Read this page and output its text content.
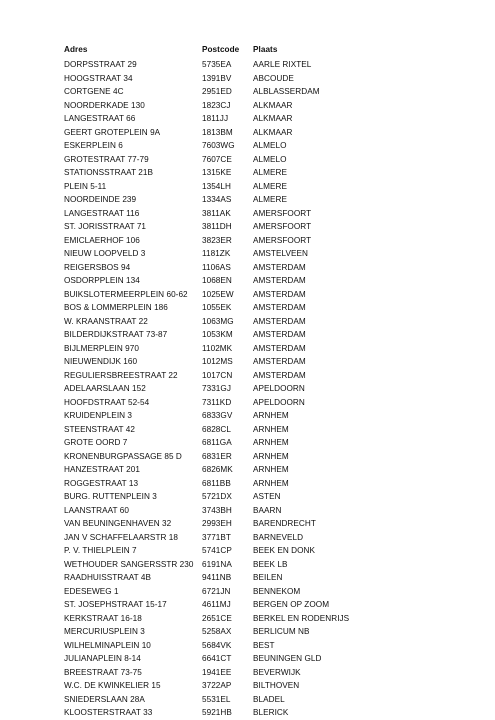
Adres	Postcode	Plaats
DORPSSTRAAT 29	5735EA	AARLE RIXTEL
HOOGSTRAAT 34	1391BV	ABCOUDE
CORTGENE 4C	2951ED	ALBLASSERDAM
NOORDERKADE 130	1823CJ	ALKMAAR
LANGESTRAAT 66	1811JJ	ALKMAAR
GEERT GROTEPLEIN 9A	1813BM	ALKMAAR
ESKERPLEIN 6	7603WG	ALMELO
GROTESTRAAT 77-79	7607CE	ALMELO
STATIONSSTRAAT 21B	1315KE	ALMERE
PLEIN 5-11	1354LH	ALMERE
NOORDEINDE 239	1334AS	ALMERE
LANGESTRAAT 116	3811AK	AMERSFOORT
ST. JORISSTRAAT 71	3811DH	AMERSFOORT
EMICLAERHOF 106	3823ER	AMERSFOORT
NIEUW LOOPVELD 3	1181ZK	AMSTELVEEN
REIGERSBOS 94	1106AS	AMSTERDAM
OSDORPPLEIN 134	1068EN	AMSTERDAM
BUIKSLOTERMEERPLEIN 60-62	1025EW	AMSTERDAM
BOS & LOMMERPLEIN 186	1055EK	AMSTERDAM
W. KRAANSTRAAT 22	1063MG	AMSTERDAM
BILDERDIJKSTRAAT 73-87	1053KM	AMSTERDAM
BIJLMERPLEIN 970	1102MK	AMSTERDAM
NIEUWENDIJK 160	1012MS	AMSTERDAM
REGULIERSBREESTRAAT 22	1017CN	AMSTERDAM
ADELAARSLAAN 152	7331GJ	APELDOORN
HOOFDSTRAAT 52-54	7311KD	APELDOORN
KRUIDENPLEIN 3	6833GV	ARNHEM
STEENSTRAAT 42	6828CL	ARNHEM
GROTE OORD 7	6811GA	ARNHEM
KRONENBURGPASSAGE 85 D	6831ER	ARNHEM
HANZESTRAAT 201	6826MK	ARNHEM
ROGGESTRAAT 13	6811BB	ARNHEM
BURG. RUTTENPLEIN 3	5721DX	ASTEN
LAANSTRAAT 60	3743BH	BAARN
VAN BEUNINGENHAVEN 32	2993EH	BARENDRECHT
JAN V SCHAFFELAARSTR 18	3771BT	BARNEVELD
P. V. THIELPLEIN 7	5741CP	BEEK EN DONK
WETHOUDER SANGERSSTR 230	6191NA	BEEK LB
RAADHUISSTRAAT 4B	9411NB	BEILEN
EDESEWEG 1	6721JN	BENNEKOM
ST. JOSEPHSTRAAT 15-17	4611MJ	BERGEN OP ZOOM
KERKSTRAAT 16-18	2651CE	BERKEL EN RODENRIJS
MERCURIUSPLEIN 3	5258AX	BERLICUM NB
WILHELMINAPLEIN 10	5684VK	BEST
JULIANAPLEIN 8-14	6641CT	BEUNINGEN GLD
BREESTRAAT 73-75	1941EE	BEVERWIJK
W.C. DE KWINKELIER 15	3722AP	BILTHOVEN
SNIEDERSLAAN 28A	5531EL	BLADEL
KLOOSTERSTRAAT 33	5921HB	BLERICK
